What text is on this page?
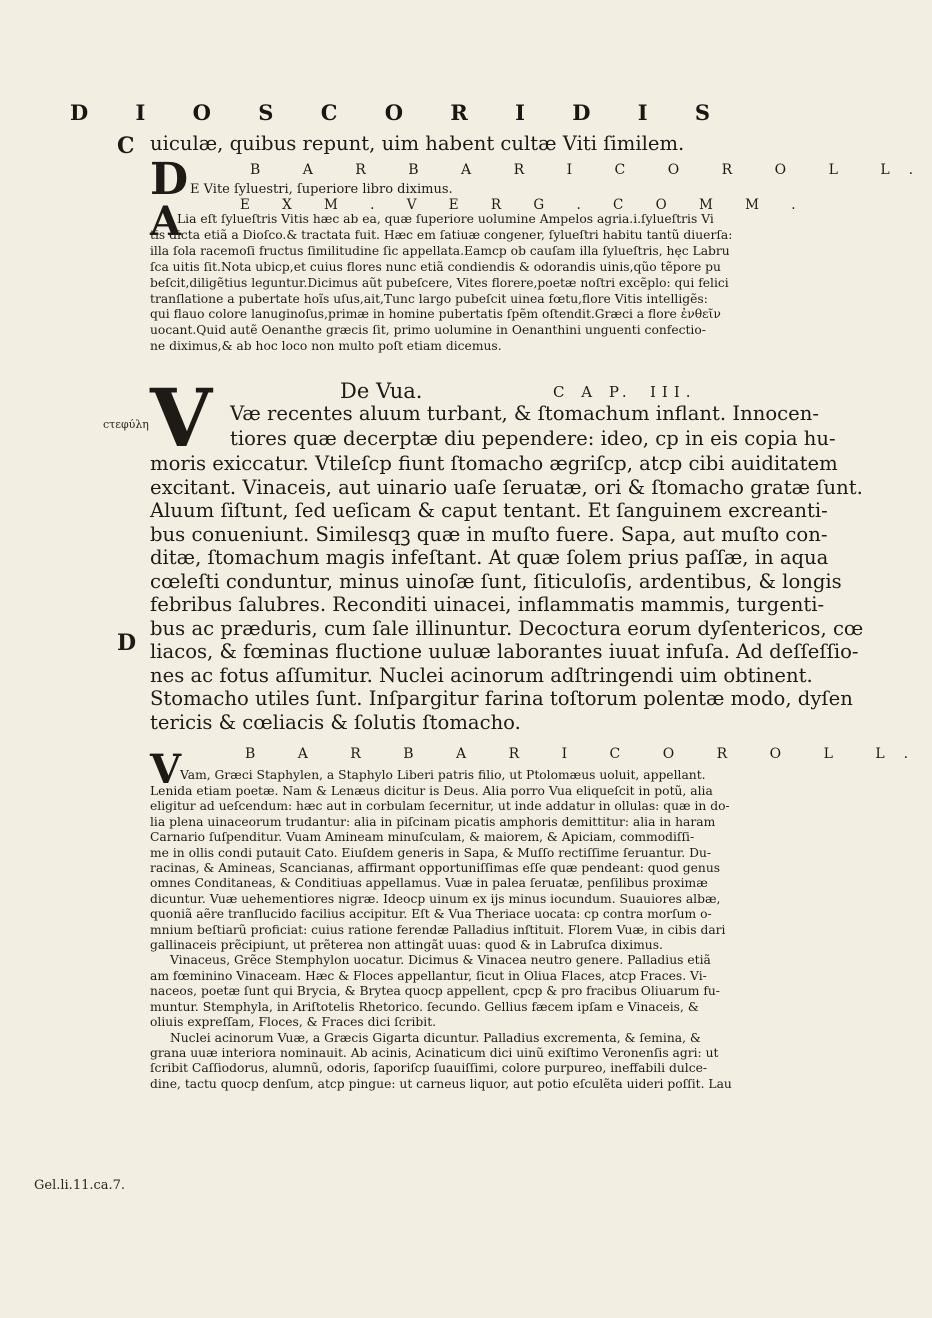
D I O S C O R I D I S
C
ϲτεφύλη
D
Gel.li.11.ca.7.
uiculæ, quibus repunt, uim habent cultæ Viti ſimilem.
B A R B A R I C O R O L L.
D E Vite ſyluestri, ſuperiore libro diximus.
E X M . V E R G . C O M M .
A
Lia eſt ſylueſtris Vitis hæc ab ea, quæ ſuperiore uolumine Ampelos agria.i.ſylueſtris Vi
tis dicta etiã a Dioſco.& tractata fuit. Hæc em ſatiuæ congener, ſylueſtri habitu tantũ diuerſa:
illa ſola racemoſi fructus ſimilitudine ſic appellata.Eamcp ob cauſam illa ſylueſtris, hęc Labru
ſca uitis ſit.Nota ubicp,et cuius flores nunc etiã condiendis & odorandis uinis,qũo tẽpore pu
beſcit,diligẽtius leguntur.Dicimus aũt pubeſcere, Vites florere,poetæ noſtri excẽplo: qui felici
tranſlatione a pubertate hoĩs uſus,ait,Tunc largo pubeſcit uinea fœtu,flore Vitis intelligẽs:
qui flauo colore lanuginoſus,primæ in homine pubertatis ſpẽm oſtendit.Græci a flore ἐνθεῖν
uocant.Quid autẽ Oenanthe græcis ſit, primo uolumine in Oenanthini unguenti confectio-
ne diximus,& ab hoc loco non multo poſt etiam dicemus.
V	De Vua.	C A P. III.
Væ recentes aluum turbant, & ſtomachum inflant. Innocen-
tiores quæ decerptæ diu pependere: ideo, cp in eis copia hu-
moris exiccatur. Vtileſcp fiunt ſtomacho ægriſcp, atcp cibi auiditatem
excitant. Vinaceis, aut uinario uaſe ſeruatæ, ori & ſtomacho gratæ ſunt.
Aluum ſiſtunt, ſed ueſicam & caput tentant. Et ſanguinem excreanti-
bus conueniunt. Similesqꝫ quæ in muſto fuere. Sapa, aut muſto con-
ditæ, ſtomachum magis infeſtant. At quæ ſolem prius paſſæ, in aqua
cœleſti conduntur, minus uinoſæ ſunt, ſiticuloſis, ardentibus, & longis
febribus ſalubres. Reconditi uinacei, inflammatis mammis, turgenti-
bus ac præduris, cum ſale illinuntur. Decoctura eorum dyſentericos, cœ
liacos, & fœminas fluctione uuluæ laborantes iuuat infuſa. Ad deſſeſſio-
nes ac fotus aſſumitur. Nuclei acinorum adſtringendi uim obtinent.
Stomacho utiles ſunt. Inſpargitur farina toſtorum polentæ modo, dyſen
tericis & cœliacis & ſolutis ſtomacho.
B A R B A R I C O R O L L.
V
Vam, Græci Staphylen, a Staphylo Liberi patris filio, ut Ptolomæus uoluit, appellant.
Lenida etiam poetæ. Nam & Lenæus dicitur is Deus. Alia porro Vua eliqueſcit in potũ, alia
eligitur ad ueſcendum: hæc aut in corbulam ſecernitur, ut inde addatur in ollulas: quæ in do-
lia plena uinaceorum trudantur: alia in piſcinam picatis amphoris demittitur: alia in haram
Carnario ſuſpenditur. Vuam Amineam minuſculam, & maiorem, & Apiciam, commodiſſi-
me in ollis condi putauit Cato. Eiuſdem generis in Sapa, & Muſſo rectiſſime ſeruantur. Du-
racinas, & Amineas, Scancianas, affirmant opportuniſſimas eſſe quæ pendeant: quod genus
omnes Conditaneas, & Conditiuas appellamus. Vuæ in palea ſeruatæ, penſilibus proximæ
dicuntur. Vuæ uehementiores nigræ. Ideocp uinum ex ijs minus iocundum. Suauiores albæ,
quoniã aẽre tranſlucido facilius accipitur. Eſt & Vua Theriace uocata: cp contra morſum o-
mnium beſtiarũ proficiat: cuius ratione ferendæ Palladius inſtituit. Florem Vuæ, in cibis dari
gallinaceis prẽcipiunt, ut prẽterea non attingãt uuas: quod & in Labruſca diximus.
Vinaceus, Grẽce Stemphylon uocatur. Dicimus & Vinacea neutro genere. Palladius etiã
am fœminino Vinaceam. Hæc & Floces appellantur, ſicut in Oliua Flaces, atcp Fraces. Vi-
naceos, poetæ ſunt qui Brycia, & Brytea quocp appellent, cpcp & pro fracibus Oliuarum fu-
muntur. Stemphyla, in Ariſtotelis Rhetorico. ſecundo. Gellius fæcem ipſam e Vinaceis, &
oliuis expreſſam, Floces, & Fraces dici ſcribit.
Nuclei acinorum Vuæ, a Græcis Gigarta dicuntur. Palladius excrementa, & ſemina, &
grana uuæ interiora nominauit. Ab acinis, Acinaticum dici uinũ exiſtimo Veronenſis agri: ut
ſcribit Caſſiodorus, alumnũ, odoris, ſaporiſcp ſuauiſſimi, colore purpureo, ineffabili dulce-
dine, tactu quocp denſum, atcp pingue: ut carneus liquor, aut potio eſculẽta uideri poſſit. Lau
